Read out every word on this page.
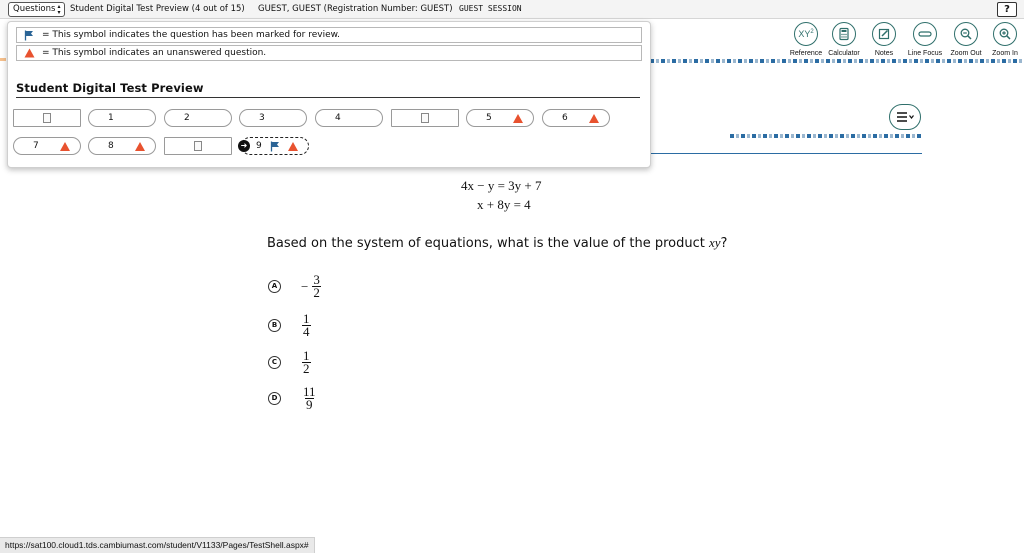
Questions ▴
▾ Student Digital Test Preview (4 out of 15) GUEST, GUEST (Registration Number: GUEST) GUEST SESSION	?
$XY^2$
Reference Calculator Notes Line Focus Zoom Out Zoom In
4x − y = 3y + 7
x + 8y = 4
Based on the system of equations, what is the value of the product xy?
$A - \frac{3}{2}$
B $\frac{1}{4}$
C	$\frac{1}{2}$
D $\frac{11}{9}$
= This symbol indicates the question has been marked for review.
= This symbol indicates an unanswered question.
Student Digital Test Preview
1	2	3	4	5	6
7	8	➜ 9
https://sat100.cloud1.tds.cambiumast.com/student/V1133/Pages/TestShell.aspx#
